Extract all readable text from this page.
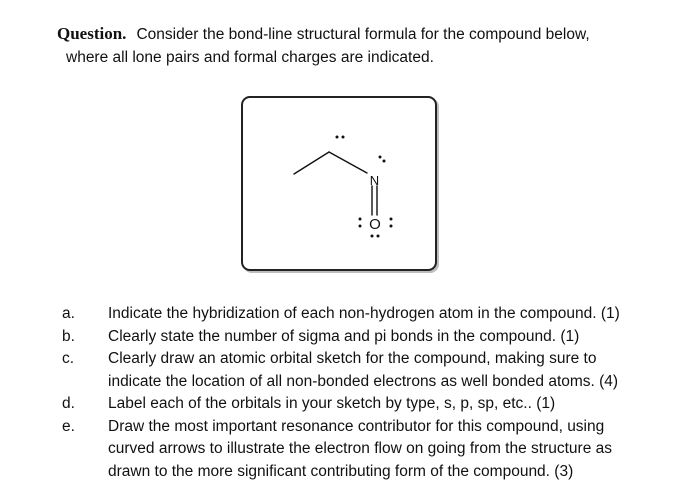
Question. Consider the bond-line structural formula for the compound below,
where all lone pairs and formal charges are indicated.
N
O
a. Indicate the hybridization of each non-hydrogen atom in the compound. (1)
b. Clearly state the number of sigma and pi bonds in the compound. (1)
c. Clearly draw an atomic orbital sketch for the compound, making sure to
indicate the location of all non-bonded electrons as well bonded atoms. (4)
d. Label each of the orbitals in your sketch by type, s, p, sp, etc.. (1)
e. Draw the most important resonance contributor for this compound, using
curved arrows to illustrate the electron flow on going from the structure as
drawn to the more significant contributing form of the compound. (3)
